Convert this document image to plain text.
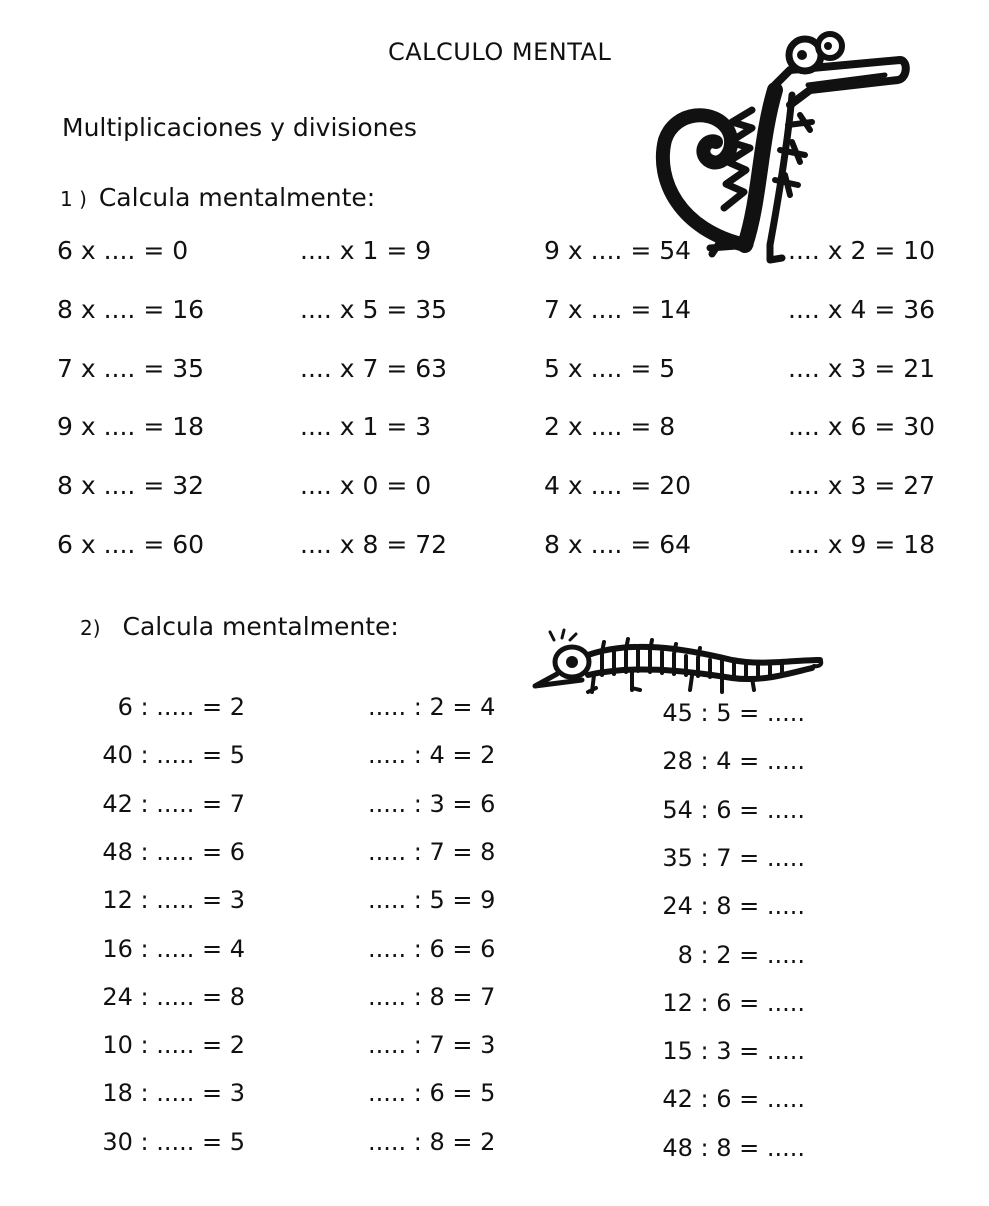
CALCULO MENTAL
Multiplicaciones y divisiones
1 ) Calcula mentalmente:
6 x .... = 0
8 x .... = 16
7 x .... = 35
9 x .... = 18
8 x .... = 32
6 x .... = 60
.... x 1 = 9
.... x 5 = 35
.... x 7 = 63
.... x 1 = 3
.... x 0 = 0
.... x 8 = 72
9 x .... = 54
7 x .... = 14
5 x .... = 5
2 x .... = 8
4 x .... = 20
8 x .... = 64
.... x 2 = 10
.... x 4 = 36
.... x 3 = 21
.... x 6 = 30
.... x 3 = 27
.... x 9 = 18
2) Calcula mentalmente:
6 : ..... = 2
40 : ..... = 5
42 : ..... = 7
48 : ..... = 6
12 : ..... = 3
16 : ..... = 4
24 : ..... = 8
10 : ..... = 2
18 : ..... = 3
30 : ..... = 5
..... : 2 = 4
..... : 4 = 2
..... : 3 = 6
..... : 7 = 8
..... : 5 = 9
..... : 6 = 6
..... : 8 = 7
..... : 7 = 3
..... : 6 = 5
..... : 8 = 2
45 : 5 = .....
28 : 4 = .....
54 : 6 = .....
35 : 7 = .....
24 : 8 = .....
8 : 2 = .....
12 : 6 = .....
15 : 3 = .....
42 : 6 = .....
48 : 8 = .....
